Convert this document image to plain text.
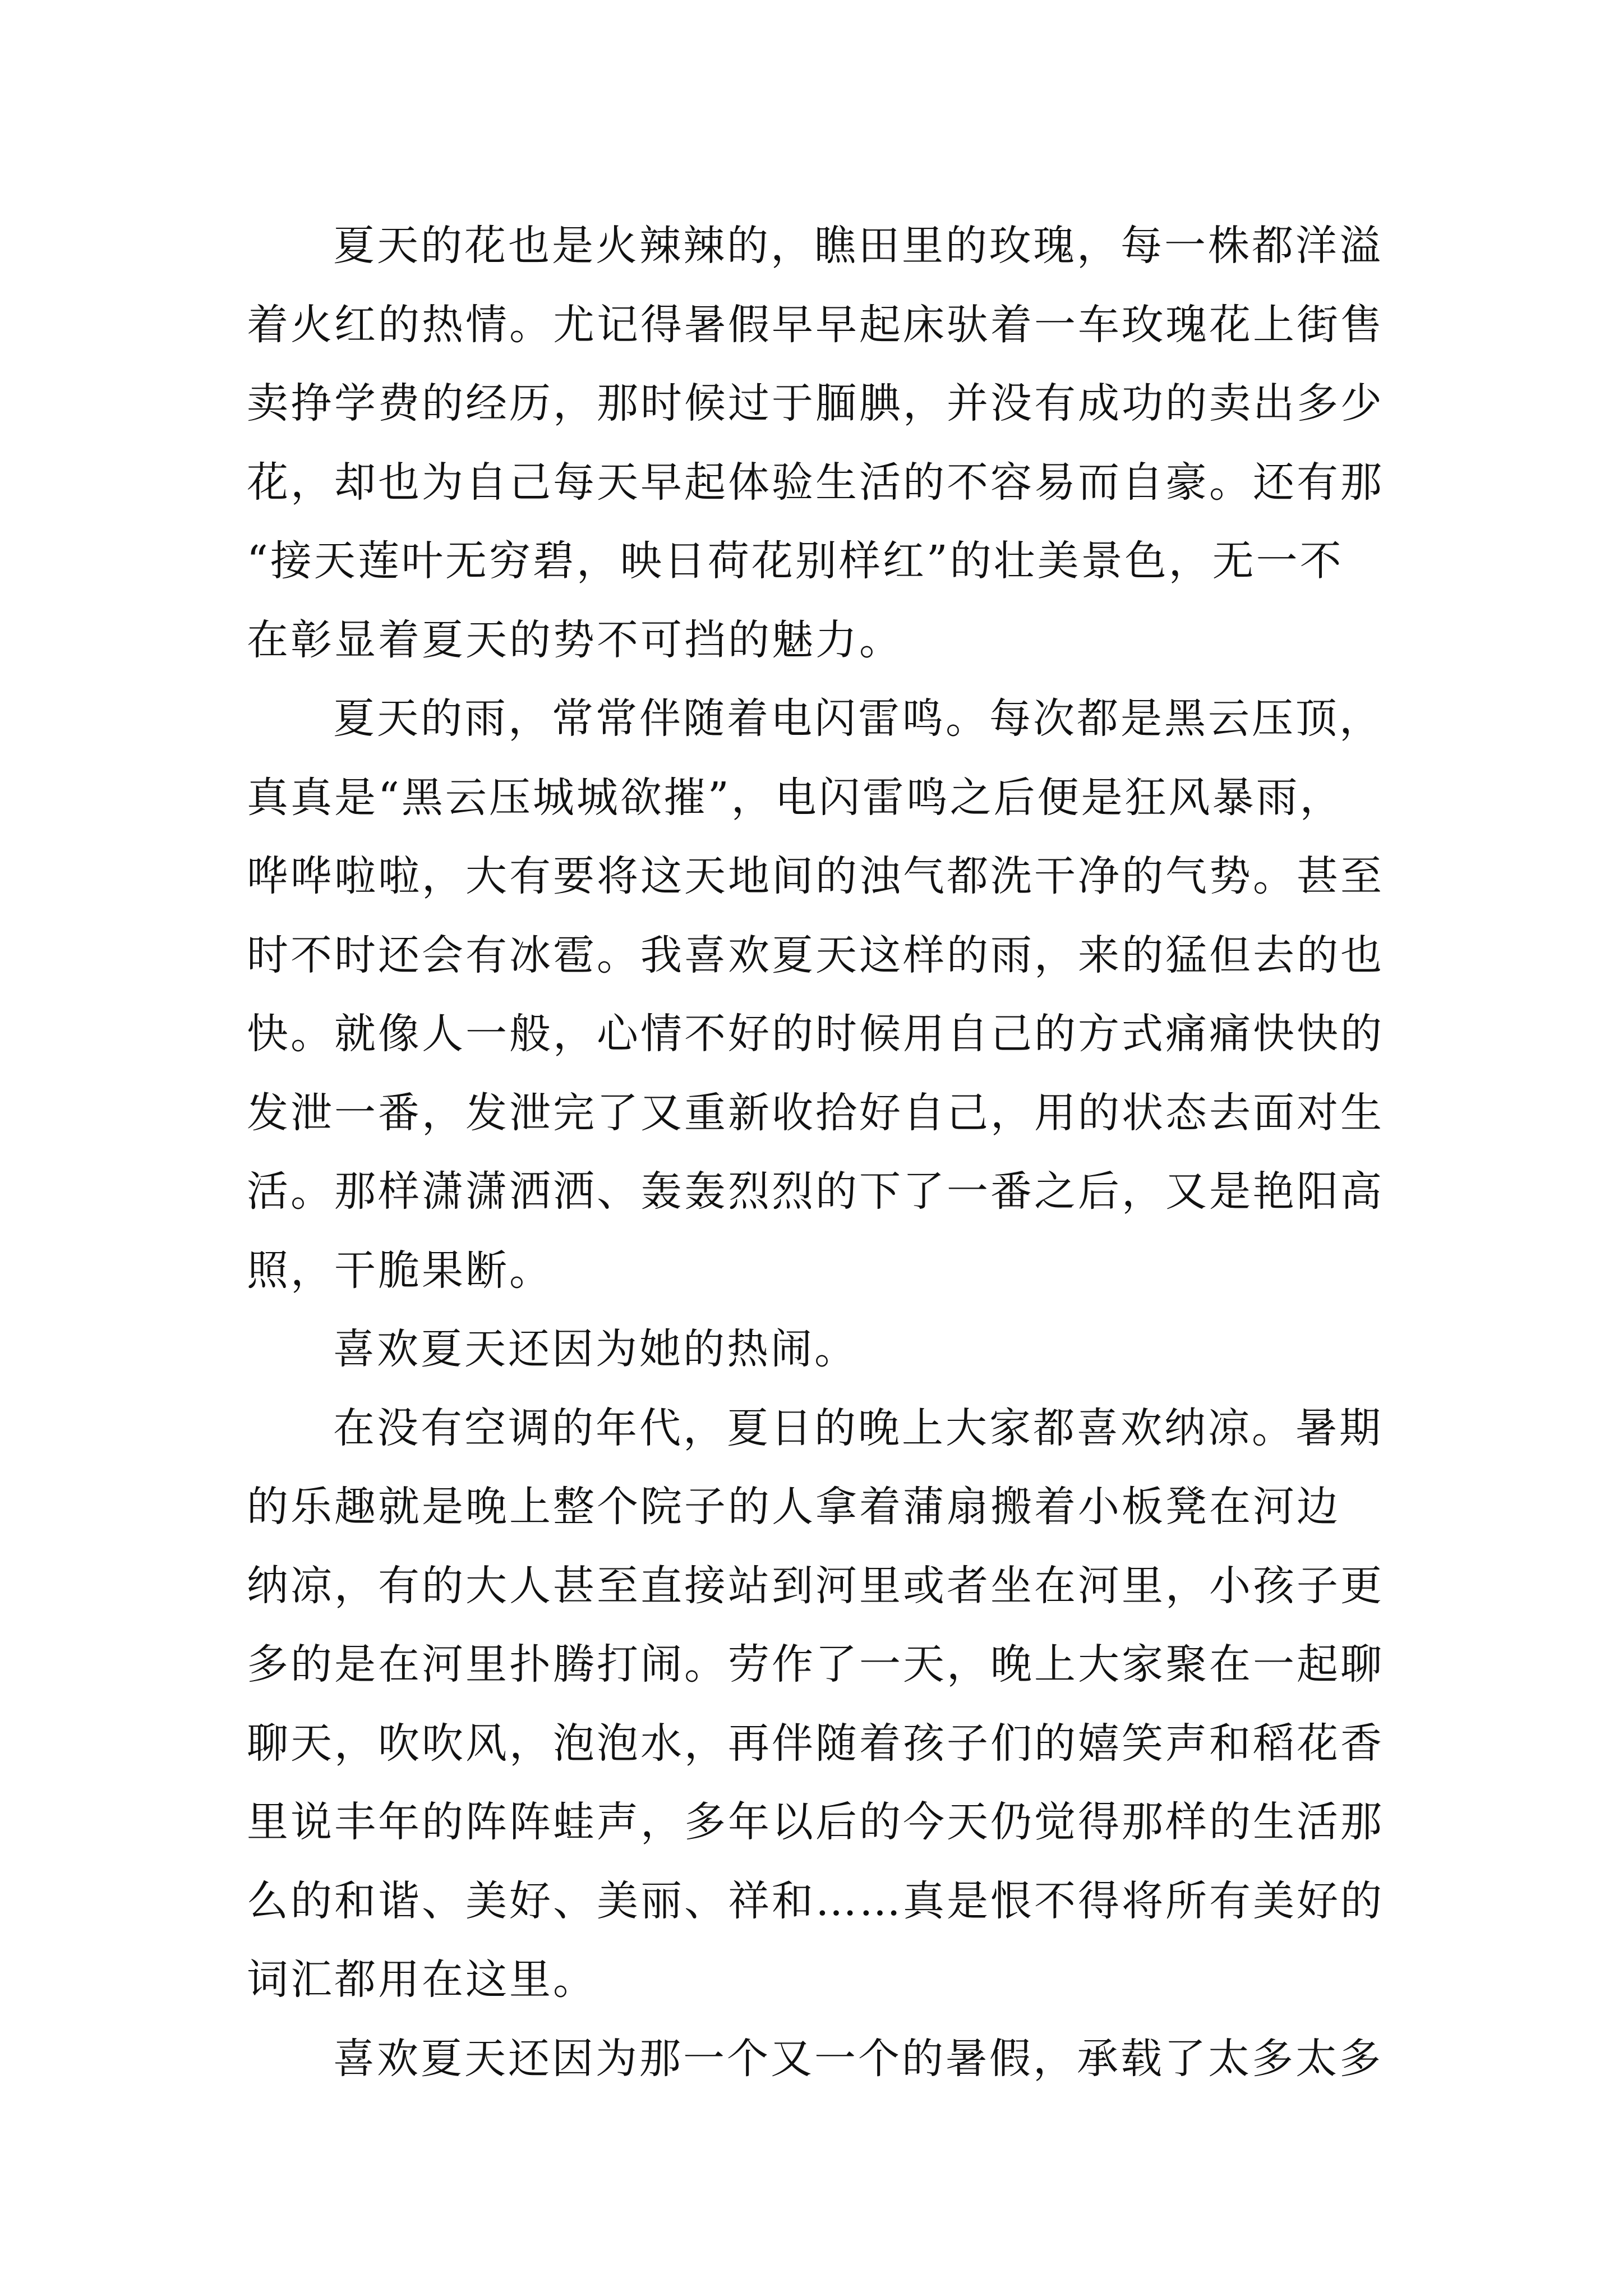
夏天的花也是火辣辣的，瞧田里的玫瑰，每一株都洋溢
着火红的热情。尤记得暑假早早起床驮着一车玫瑰花上街售
卖挣学费的经历，那时候过于腼腆，并没有成功的卖出多少
花，却也为自己每天早起体验生活的不容易而自豪。还有那
“接天莲叶无穷碧，映日荷花别样红”的壮美景色，无一不
在彰显着夏天的势不可挡的魅力。
夏天的雨，常常伴随着电闪雷鸣。每次都是黑云压顶，
真真是“黑云压城城欲摧”，电闪雷鸣之后便是狂风暴雨，
哗哗啦啦，大有要将这天地间的浊气都洗干净的气势。甚至
时不时还会有冰雹。我喜欢夏天这样的雨，来的猛但去的也
快。就像人一般，心情不好的时候用自己的方式痛痛快快的
发泄一番，发泄完了又重新收拾好自己，用的状态去面对生
活。那样潇潇洒洒、轰轰烈烈的下了一番之后，又是艳阳高
照，干脆果断。
喜欢夏天还因为她的热闹。
在没有空调的年代，夏日的晚上大家都喜欢纳凉。暑期
的乐趣就是晚上整个院子的人拿着蒲扇搬着小板凳在河边
纳凉，有的大人甚至直接站到河里或者坐在河里，小孩子更
多的是在河里扑腾打闹。劳作了一天，晚上大家聚在一起聊
聊天，吹吹风，泡泡水，再伴随着孩子们的嬉笑声和稻花香
里说丰年的阵阵蛙声，多年以后的今天仍觉得那样的生活那
么的和谐、美好、美丽、祥和……真是恨不得将所有美好的
词汇都用在这里。
喜欢夏天还因为那一个又一个的暑假，承载了太多太多
